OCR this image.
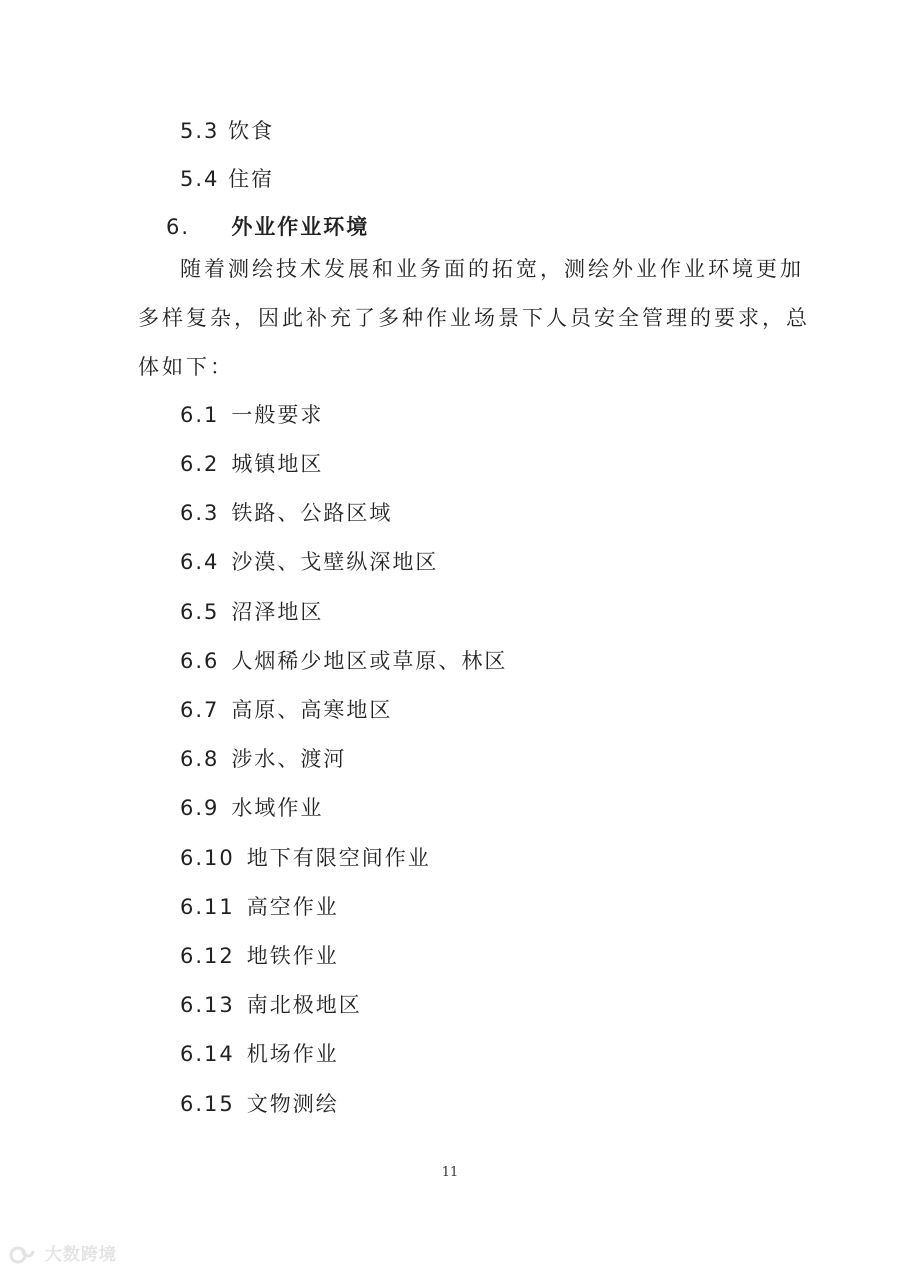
5.3 饮食
5.4 住宿
6. 外业作业环境
随着测绘技术发展和业务面的拓宽，测绘外业作业环境更加
多样复杂，因此补充了多种作业场景下人员安全管理的要求，总
体如下：
6.1 一般要求
6.2 城镇地区
6.3 铁路、公路区域
6.4 沙漠、戈壁纵深地区
6.5 沼泽地区
6.6 人烟稀少地区或草原、林区
6.7 高原、高寒地区
6.8 涉水、渡河
6.9 水域作业
6.10 地下有限空间作业
6.11 高空作业
6.12 地铁作业
6.13 南北极地区
6.14 机场作业
6.15 文物测绘
11
大数跨境
